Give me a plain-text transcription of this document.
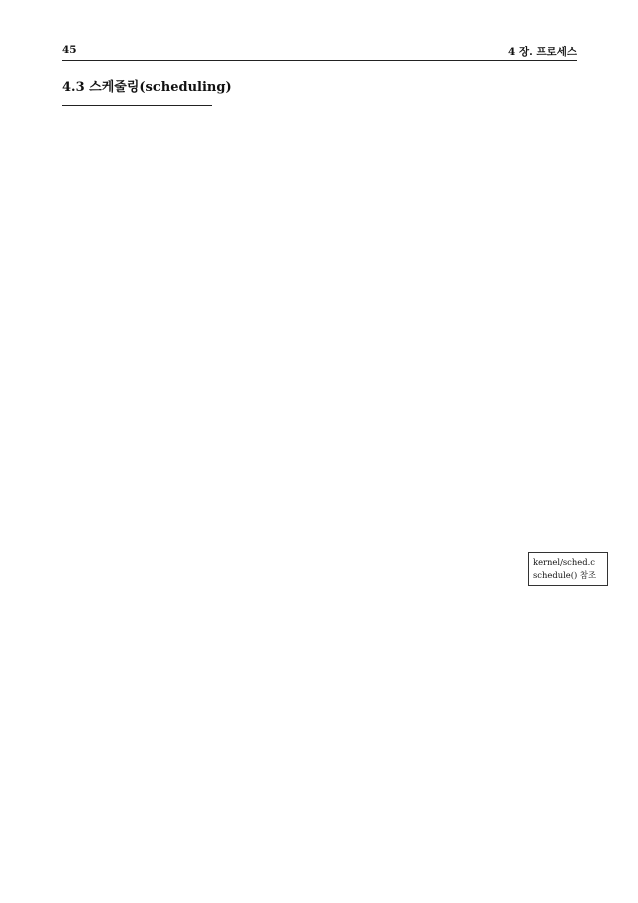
45	4 장. 프로세스

4.3 스케줄링(scheduling)

kernel/sched.c
schedule() 참조
